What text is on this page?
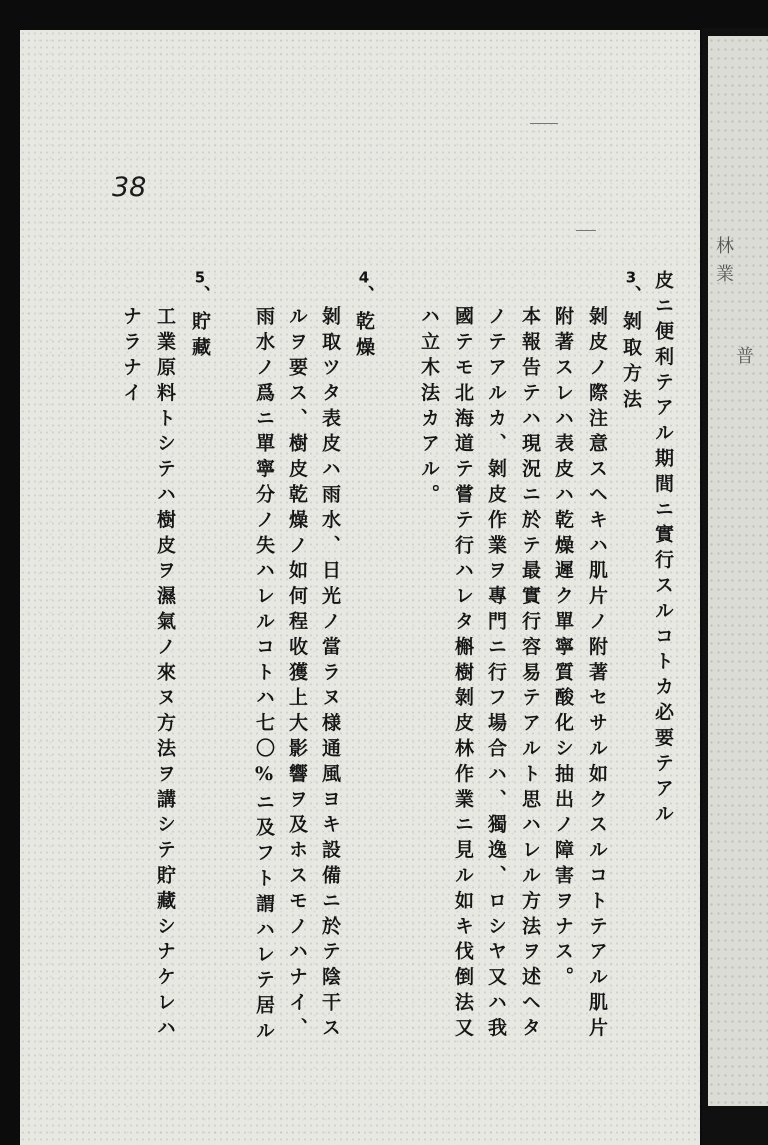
林業
普
38
皮ニ便利テアル期間ニ實行スルコトカ必要テアル
3、剝取方法
剝皮ノ際注意スヘキハ肌片ノ附著セサル如クスルコトテアル肌片
附著スレハ表皮ハ乾燥遲ク單寧質酸化シ抽出ノ障害ヲナス。
本報告テハ現況ニ於テ最實行容易テアルト思ハレル方法ヲ述ヘタ
ノテアルカ、剝皮作業ヲ專門ニ行フ場合ハ、獨逸、ロシヤ又ハ我
國テモ北海道テ嘗テ行ハレタ槲樹剝皮林作業ニ見ル如キ伐倒法又
ハ立木法カアル。
4、乾燥
剝取ツタ表皮ハ雨水、日光ノ當ラヌ様通風ヨキ設備ニ於テ陰干ス
ルヲ要ス、樹皮乾燥ノ如何程收獲上大影響ヲ及ホスモノハナイ、
雨水ノ爲ニ單寧分ノ失ハレルコトハ七〇%ニ及フト謂ハレテ居ル
5、貯藏
工業原料トシテハ樹皮ヲ濕氣ノ來ヌ方法ヲ講シテ貯藏シナケレハ
ナラナイ
